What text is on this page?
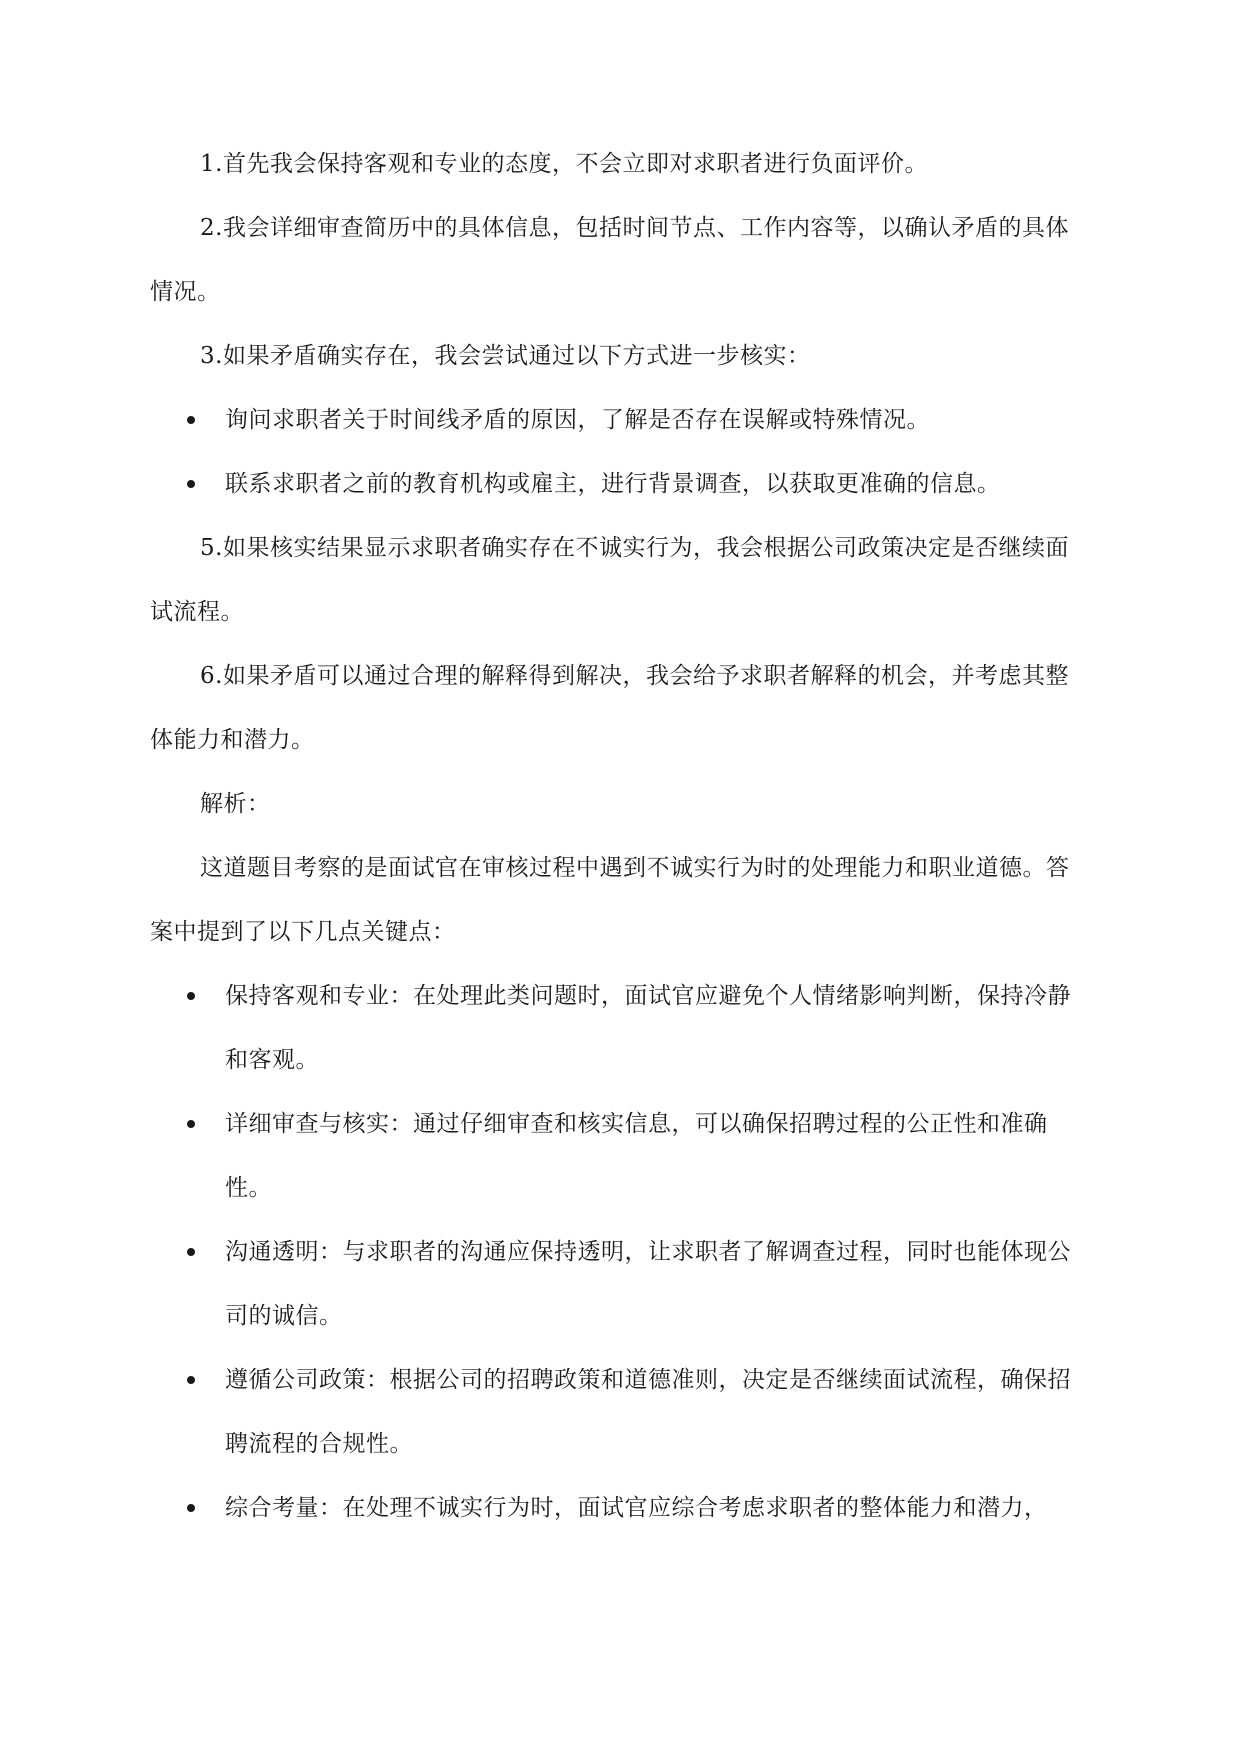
1.首先我会保持客观和专业的态度，不会立即对求职者进行负面评价。

2.我会详细审查简历中的具体信息，包括时间节点、工作内容等，以确认矛盾的具体情况。

3.如果矛盾确实存在，我会尝试通过以下方式进一步核实：

询问求职者关于时间线矛盾的原因，了解是否存在误解或特殊情况。
联系求职者之前的教育机构或雇主，进行背景调查，以获取更准确的信息。

5.如果核实结果显示求职者确实存在不诚实行为，我会根据公司政策决定是否继续面试流程。

6.如果矛盾可以通过合理的解释得到解决，我会给予求职者解释的机会，并考虑其整体能力和潜力。

解析：

这道题目考察的是面试官在审核过程中遇到不诚实行为时的处理能力和职业道德。答案中提到了以下几点关键点：

保持客观和专业：在处理此类问题时，面试官应避免个人情绪影响判断，保持冷静和客观。
详细审查与核实：通过仔细审查和核实信息，可以确保招聘过程的公正性和准确性。
沟通透明：与求职者的沟通应保持透明，让求职者了解调查过程，同时也能体现公司的诚信。
遵循公司政策：根据公司的招聘政策和道德准则，决定是否继续面试流程，确保招聘流程的合规性。
综合考量：在处理不诚实行为时，面试官应综合考虑求职者的整体能力和潜力，
